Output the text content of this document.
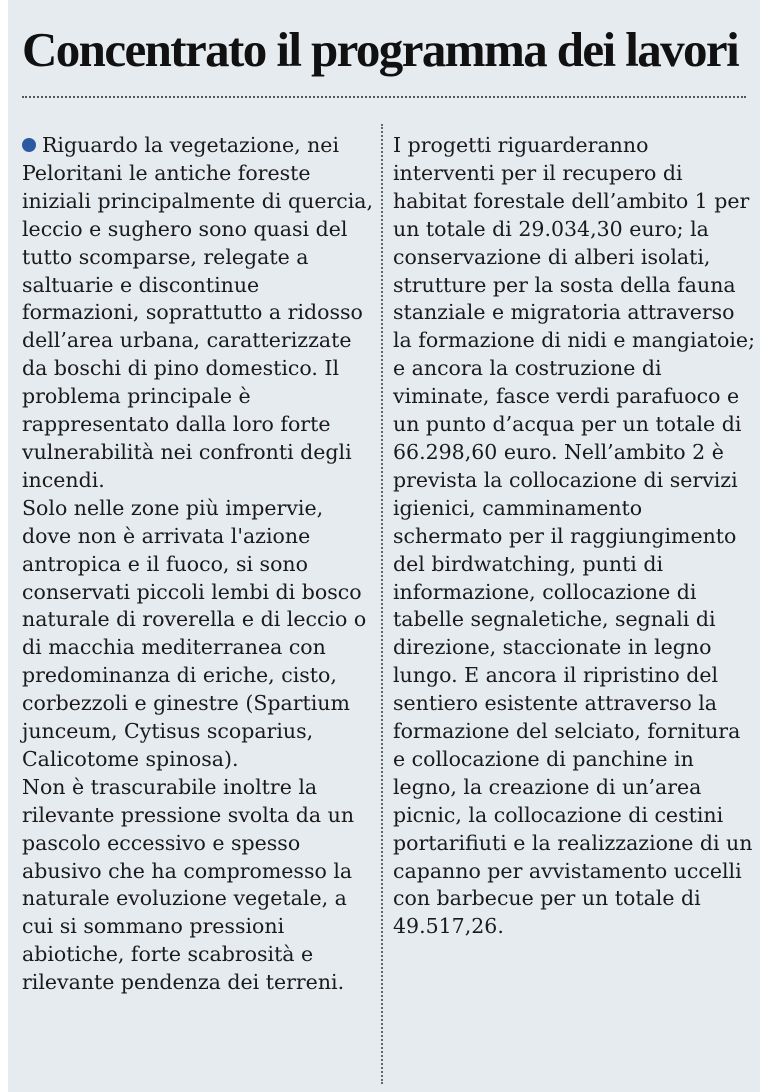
Concentrato il programma dei lavori

Riguardo la vegetazione, nei Peloritani le antiche foreste iniziali principalmente di quercia, leccio e sughero sono quasi del tutto scomparse, relegate a saltuarie e discontinue formazioni, soprattutto a ridosso dell’area urbana, caratterizzate da boschi di pino domestico. Il problema principale è rappresentato dalla loro forte vulnerabilità nei confronti degli incendi.

Solo nelle zone più impervie, dove non è arrivata l'azione antropica e il fuoco, si sono conservati piccoli lembi di bosco naturale di roverella e di leccio o di macchia mediterranea con predominanza di eriche, cisto, corbezzoli e ginestre (Spartium junceum, Cytisus scoparius, Calicotome spinosa).

Non è trascurabile inoltre la rilevante pressione svolta da un pascolo eccessivo e spesso abusivo che ha compromesso la naturale evoluzione vegetale, a cui si sommano pressioni abiotiche, forte scabrosità e rilevante pendenza dei terreni.

I progetti riguarderanno interventi per il recupero di habitat forestale dell’ambito 1 per un totale di 29.034,30 euro; la conservazione di alberi isolati, strutture per la sosta della fauna stanziale e migratoria attraverso la formazione di nidi e mangiatoie; e ancora la costruzione di viminate, fasce verdi parafuoco e un punto d’acqua per un totale di 66.298,60 euro. Nell’ambito 2 è prevista la collocazione di servizi igienici, camminamento schermato per il raggiungimento del birdwatching, punti di informazione, collocazione di tabelle segnaletiche, segnali di direzione, staccionate in legno lungo. E ancora il ripristino del sentiero esistente attraverso la formazione del selciato, fornitura e collocazione di panchine in legno, la creazione di un’area picnic, la collocazione di cestini portarifiuti e la realizzazione di un capanno per avvistamento uccelli con barbecue per un totale di 49.517,26.
